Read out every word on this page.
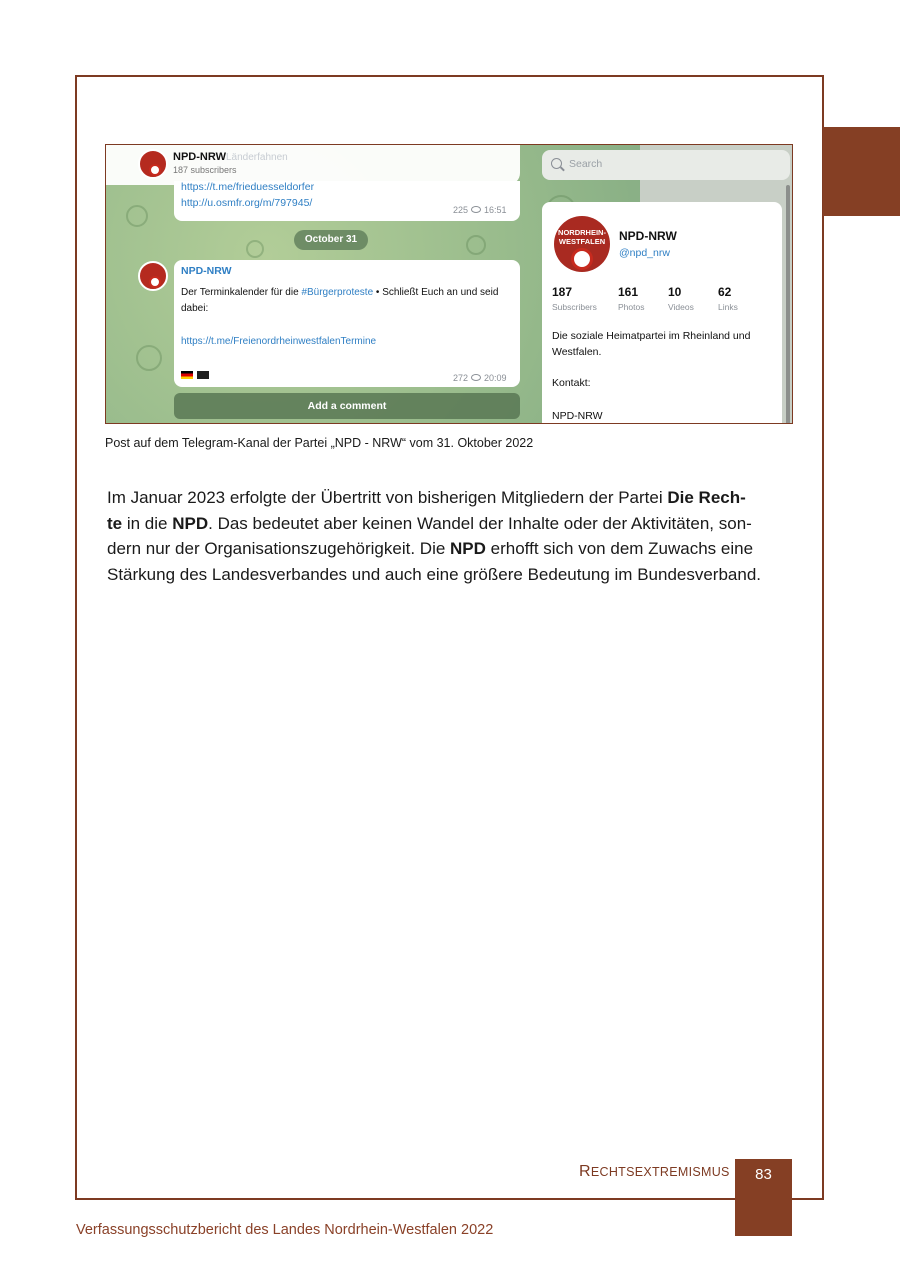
NPD-NRW Länderfahnen
187 subscribers
https://t.me/frieduesseldorfer
http://u.osmfr.org/m/797945/
225 16:51
October 31
NPD-NRW
Der Terminkalender für die #Bürgerproteste • Schließt Euch an und seid dabei:
https://t.me/FreienordrheinwestfalenTermine
272 20:09
Add a comment
Search
NORDRHEIN-
WESTFALEN NPD-NRW
@npd_nrw
187
Subscribers
161
Photos
10
Videos
62
Links
Die soziale Heimatpartei im Rheinland und Westfalen.
Kontakt:
NPD-NRW
Post auf dem Telegram-Kanal der Partei „NPD - NRW“ vom 31. Oktober 2022
Im Januar 2023 erfolgte der Übertritt von bisherigen Mitgliedern der Partei Die Rech-
te in die NPD. Das bedeutet aber keinen Wandel der Inhalte oder der Aktivitäten, son-
dern nur der Organisationszugehörigkeit. Die NPD erhofft sich von dem Zuwachs eine
Stärkung des Landesverbandes und auch eine größere Bedeutung im Bundesverband.
RECHTSEXTREMISMUS	83
Verfassungsschutzbericht des Landes Nordrhein-Westfalen 2022
